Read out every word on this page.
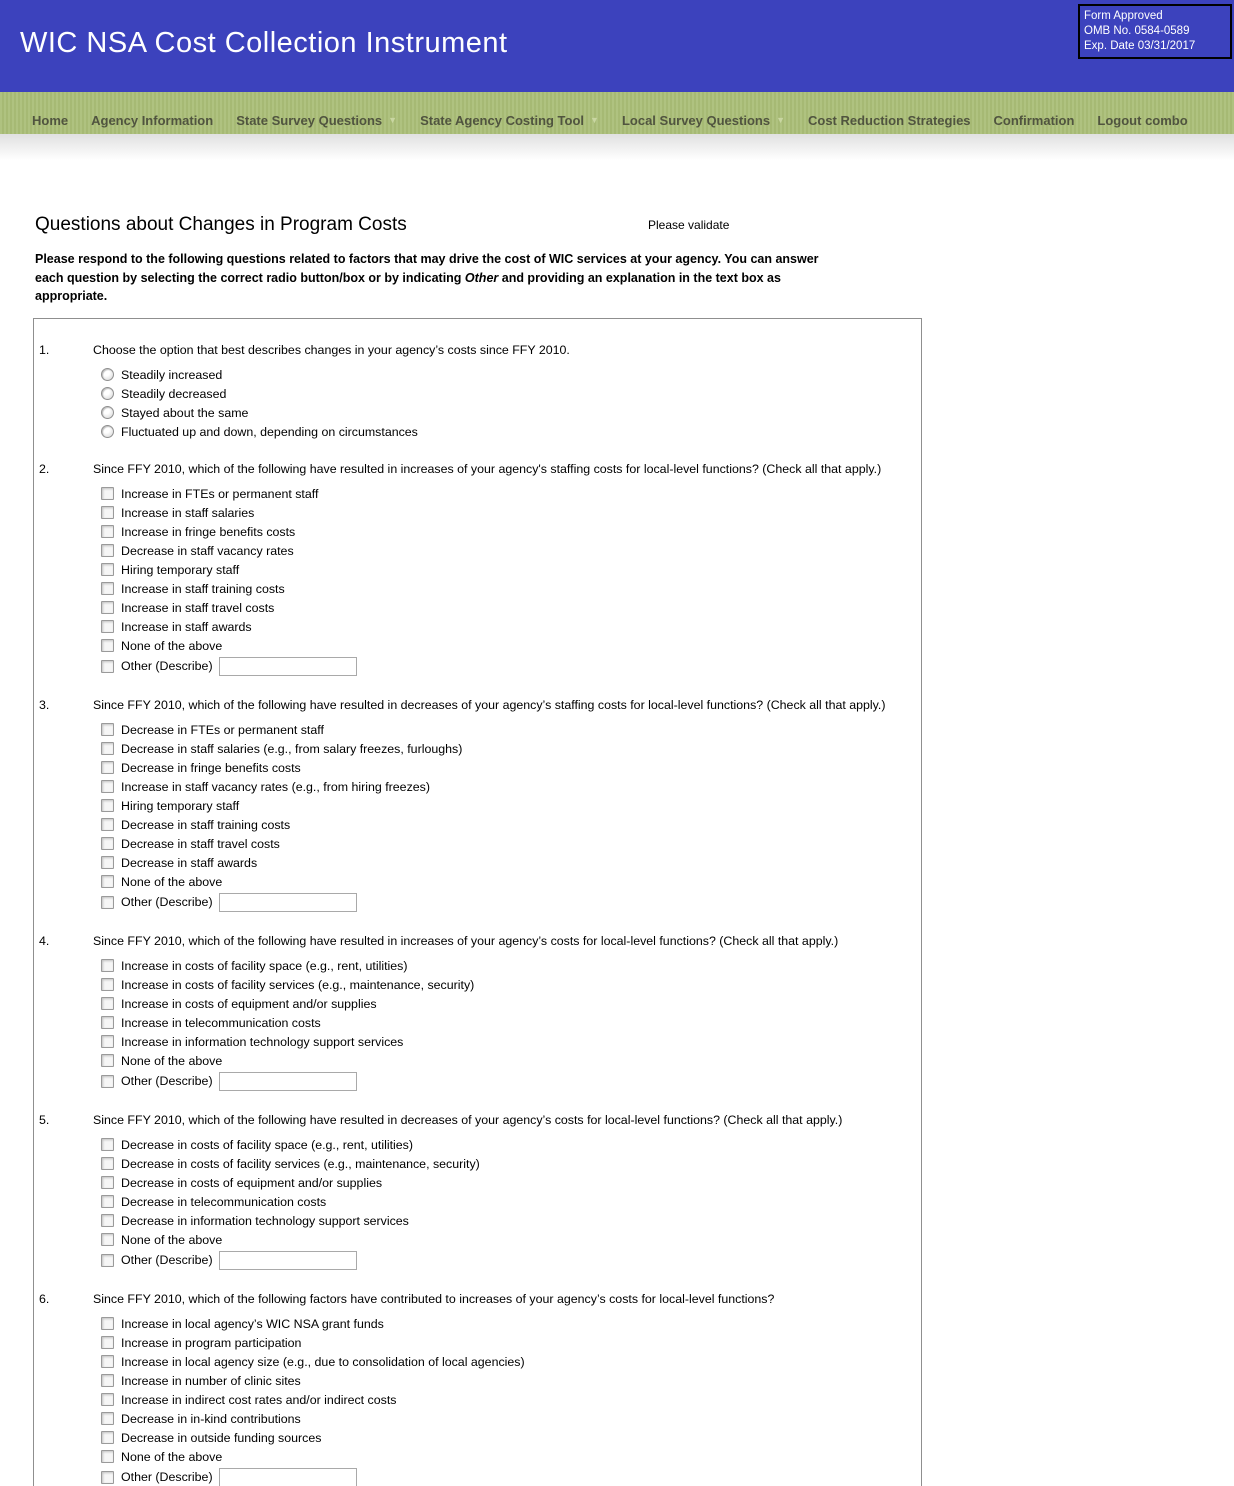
WIC NSA Cost Collection Instrument
Form Approved
OMB No. 0584-0589
Exp. Date 03/31/2017
Home Agency Information State Survey Questions ▼ State Agency Costing Tool ▼ Local Survey Questions ▼ Cost Reduction Strategies Confirmation Logout combo
Questions about Changes in Program Costs	Please validate
Please respond to the following questions related to factors that may drive the cost of WIC services at your agency. You can answer each question by selecting the correct radio button/box or by indicating Other and providing an explanation in the text box as appropriate.
1.	Choose the option that best describes changes in your agency’s costs since FFY 2010.
Steadily increased
Steadily decreased
Stayed about the same
Fluctuated up and down, depending on circumstances
2.	Since FFY 2010, which of the following have resulted in increases of your agency's staffing costs for local-level functions? (Check all that apply.)
Increase in FTEs or permanent staff
Increase in staff salaries
Increase in fringe benefits costs
Decrease in staff vacancy rates
Hiring temporary staff
Increase in staff training costs
Increase in staff travel costs
Increase in staff awards
None of the above
Other (Describe)
3.	Since FFY 2010, which of the following have resulted in decreases of your agency’s staffing costs for local-level functions? (Check all that apply.)
Decrease in FTEs or permanent staff
Decrease in staff salaries (e.g., from salary freezes, furloughs)
Decrease in fringe benefits costs
Increase in staff vacancy rates (e.g., from hiring freezes)
Hiring temporary staff
Decrease in staff training costs
Decrease in staff travel costs
Decrease in staff awards
None of the above
Other (Describe)
4.	Since FFY 2010, which of the following have resulted in increases of your agency’s costs for local-level functions? (Check all that apply.)
Increase in costs of facility space (e.g., rent, utilities)
Increase in costs of facility services (e.g., maintenance, security)
Increase in costs of equipment and/or supplies
Increase in telecommunication costs
Increase in information technology support services
None of the above
Other (Describe)
5.	Since FFY 2010, which of the following have resulted in decreases of your agency’s costs for local-level functions? (Check all that apply.)
Decrease in costs of facility space (e.g., rent, utilities)
Decrease in costs of facility services (e.g., maintenance, security)
Decrease in costs of equipment and/or supplies
Decrease in telecommunication costs
Decrease in information technology support services
None of the above
Other (Describe)
6.	Since FFY 2010, which of the following factors have contributed to increases of your agency’s costs for local-level functions?
Increase in local agency’s WIC NSA grant funds
Increase in program participation
Increase in local agency size (e.g., due to consolidation of local agencies)
Increase in number of clinic sites
Increase in indirect cost rates and/or indirect costs
Decrease in in-kind contributions
Decrease in outside funding sources
None of the above
Other (Describe)
